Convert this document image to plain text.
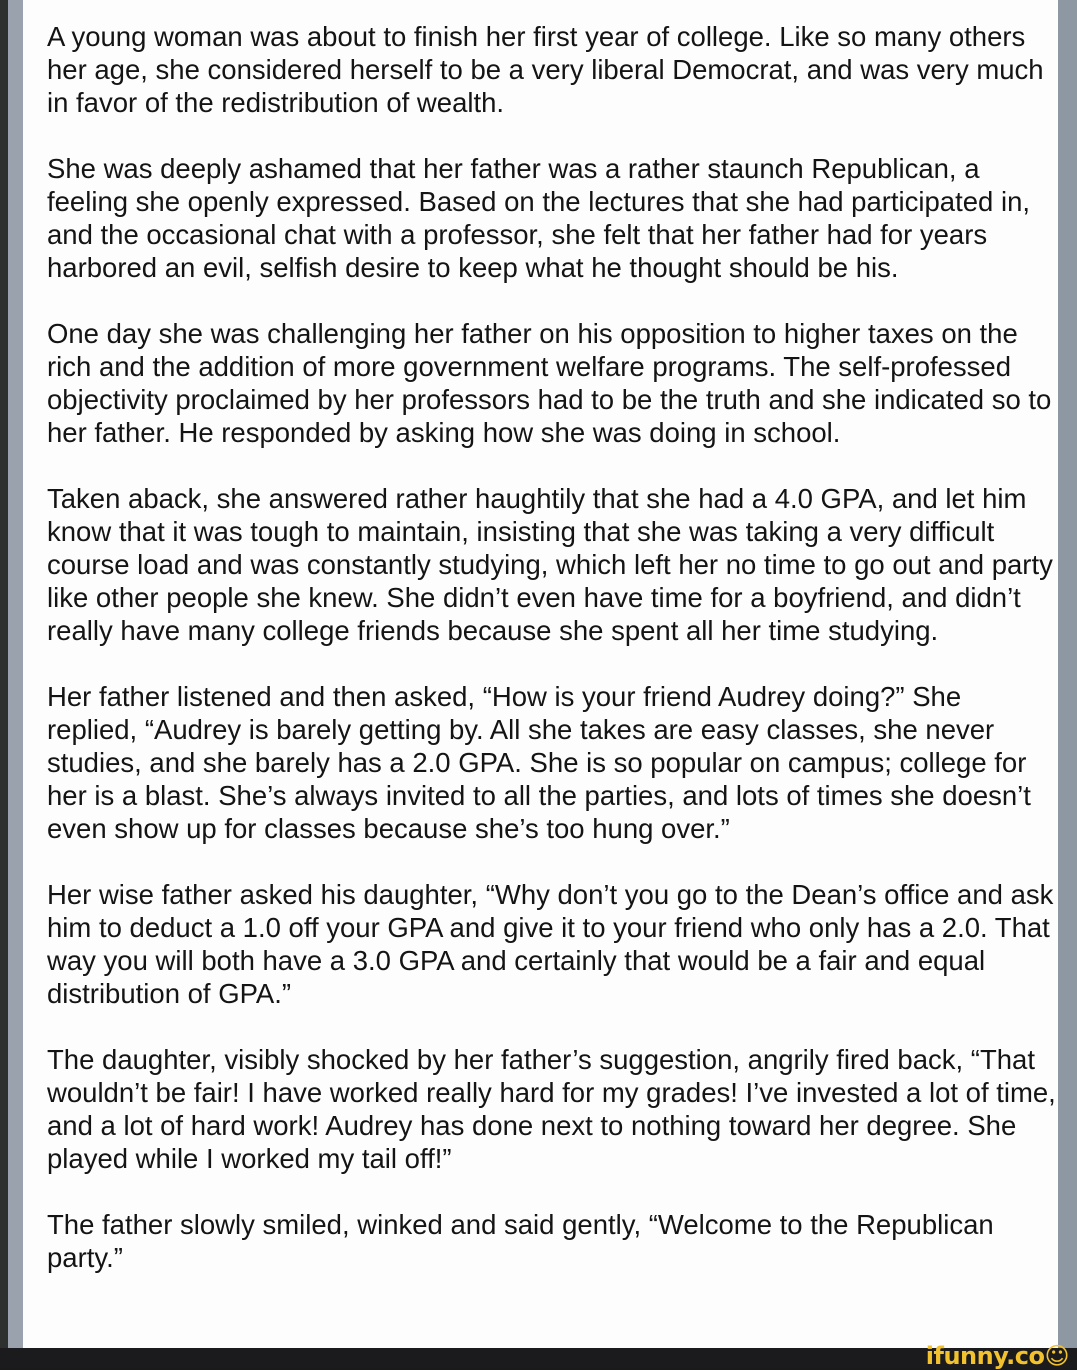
A young woman was about to finish her first year of college. Like so many others her age, she considered herself to be a very liberal Democrat, and was very much in favor of the redistribution of wealth.

She was deeply ashamed that her father was a rather staunch Republican, a feeling she openly expressed. Based on the lectures that she had participated in, and the occasional chat with a professor, she felt that her father had for years harbored an evil, selfish desire to keep what he thought should be his.

One day she was challenging her father on his opposition to higher taxes on the rich and the addition of more government welfare programs. The self-professed objectivity proclaimed by her professors had to be the truth and she indicated so to her father. He responded by asking how she was doing in school.

Taken aback, she answered rather haughtily that she had a 4.0 GPA, and let him know that it was tough to maintain, insisting that she was taking a very difficult course load and was constantly studying, which left her no time to go out and party like other people she knew. She didn’t even have time for a boyfriend, and didn’t really have many college friends because she spent all her time studying.

Her father listened and then asked, “How is your friend Audrey doing?” She replied, “Audrey is barely getting by. All she takes are easy classes, she never studies, and she barely has a 2.0 GPA. She is so popular on campus; college for her is a blast. She’s always invited to all the parties, and lots of times she doesn’t even show up for classes because she’s too hung over.”

Her wise father asked his daughter, “Why don’t you go to the Dean’s office and ask him to deduct a 1.0 off your GPA and give it to your friend who only has a 2.0. That way you will both have a 3.0 GPA and certainly that would be a fair and equal distribution of GPA.”

The daughter, visibly shocked by her father’s suggestion, angrily fired back, “That wouldn’t be fair! I have worked really hard for my grades! I’ve invested a lot of time, and a lot of hard work! Audrey has done next to nothing toward her degree. She played while I worked my tail off!”

The father slowly smiled, winked and said gently, “Welcome to the Republican party.”

ifunny.co☺
